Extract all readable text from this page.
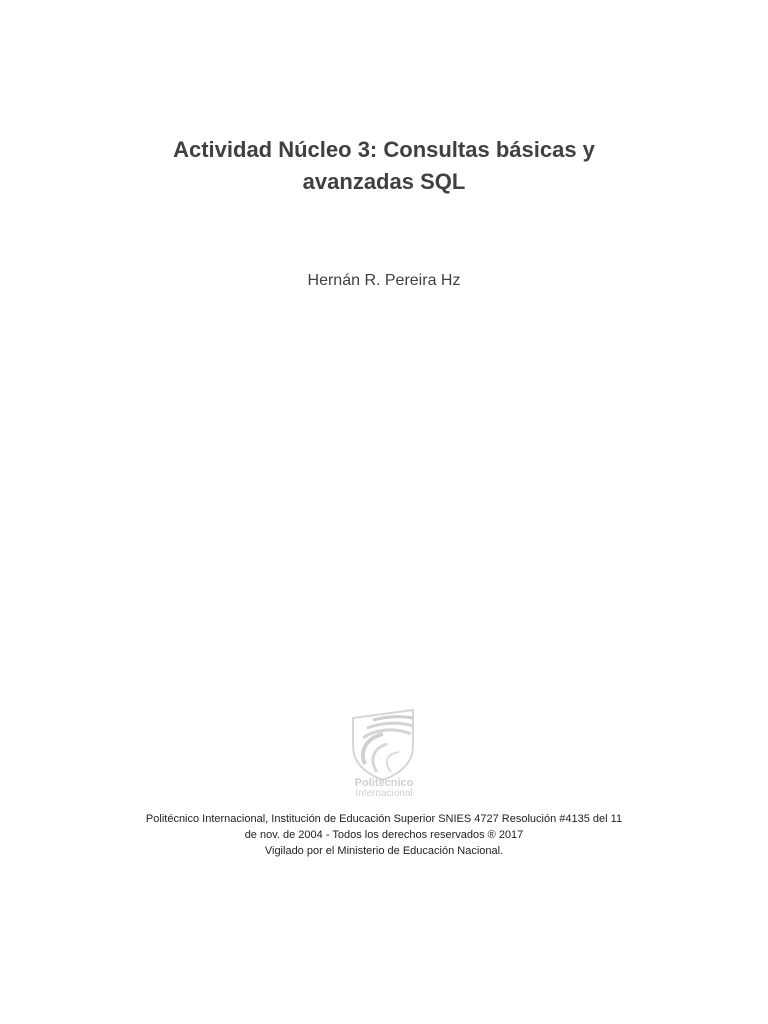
Actividad Núcleo 3: Consultas básicas y
avanzadas SQL
Hernán R. Pereira Hz
Politécnico
Internacional
Politécnico Internacional, Institución de Educación Superior SNIES 4727 Resolución #4135 del 11
de nov. de 2004 - Todos los derechos reservados ® 2017
Vigilado por el Ministerio de Educación Nacional.
